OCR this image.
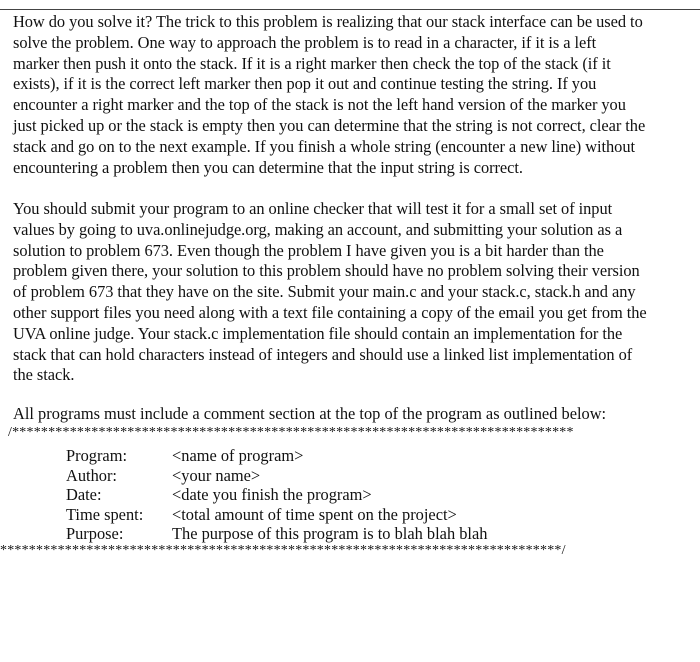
How do you solve it? The trick to this problem is realizing that our stack interface can be used to
solve the problem. One way to approach the problem is to read in a character, if it is a left
marker then push it onto the stack. If it is a right marker then check the top of the stack (if it
exists), if it is the correct left marker then pop it out and continue testing the string. If you
encounter a right marker and the top of the stack is not the left hand version of the marker you
just picked up or the stack is empty then you can determine that the string is not correct, clear the
stack and go on to the next example. If you finish a whole string (encounter a new line) without
encountering a problem then you can determine that the input string is correct.
You should submit your program to an online checker that will test it for a small set of input
values by going to uva.onlinejudge.org, making an account, and submitting your solution as a
solution to problem 673. Even though the problem I have given you is a bit harder than the
problem given there, your solution to this problem should have no problem solving their version
of problem 673 that they have on the site. Submit your main.c and your stack.c, stack.h and any
other support files you need along with a text file containing a copy of the email you get from the
UVA online judge. Your stack.c implementation file should contain an implementation for the
stack that can hold characters instead of integers and should use a linked list implementation of
the stack.
All programs must include a comment section at the top of the program as outlined below:
/******************************************************************************
Program:	<name of program>
Author:	<your name>
Date:	<date you finish the program>
Time spent:	<total amount of time spent on the project>
Purpose:	The purpose of this program is to blah blah blah
******************************************************************************/
